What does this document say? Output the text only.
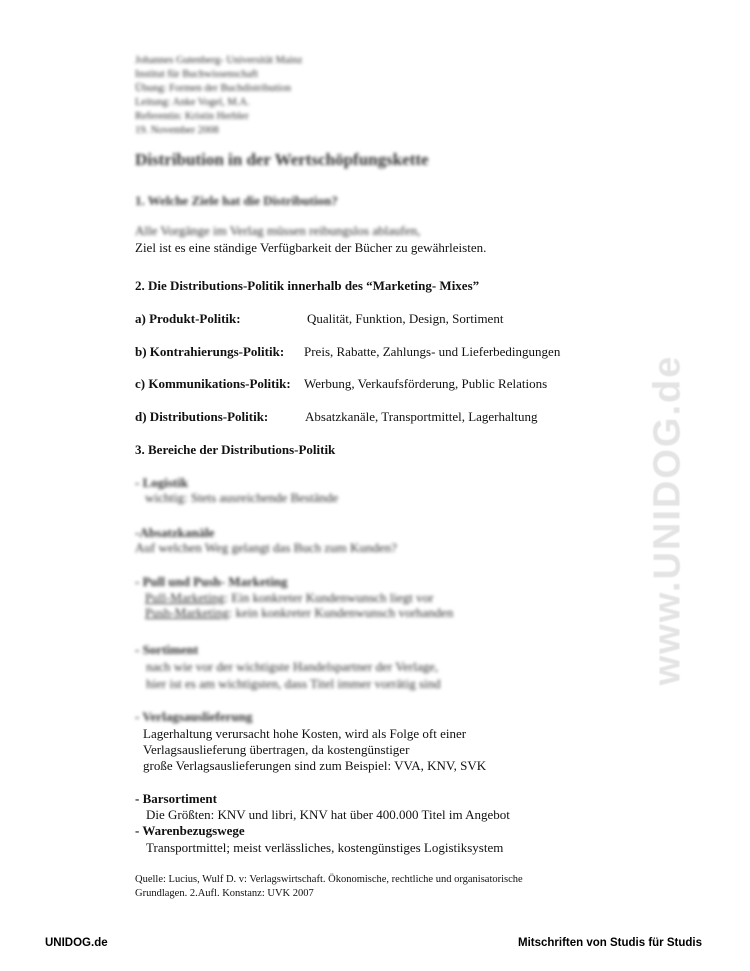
www.UNIDOG.de
Johannes Gutenberg- Universität Mainz
Institut für Buchwissenschaft
Übung: Formen der Buchdistribution
Leitung: Anke Vogel, M.A.
Referentin: Kristin Herbler
19. November 2008
Distribution in der Wertschöpfungskette
1. Welche Ziele hat die Distribution?
Alle Vorgänge im Verlag müssen reibungslos ablaufen,
Ziel ist es eine ständige Verfügbarkeit der Bücher zu gewährleisten.
2. Die Distributions-Politik innerhalb des “Marketing- Mixes”
a) Produkt-Politik:	Qualität, Funktion, Design, Sortiment
b) Kontrahierungs-Politik: Preis, Rabatte, Zahlungs- und Lieferbedingungen
c) Kommunikations-Politik: Werbung, Verkaufsförderung, Public Relations
d) Distributions-Politik:	Absatzkanäle, Transportmittel, Lagerhaltung
3. Bereiche der Distributions-Politik
- Logistik
wichtig: Stets ausreichende Bestände
-Absatzkanäle
Auf welchen Weg gelangt das Buch zum Kunden?
- Pull und Push- Marketing
Pull-Marketing: Ein konkreter Kundenwunsch liegt vor
Push-Marketing: kein konkreter Kundenwunsch vorhanden
- Sortiment
nach wie vor der wichtigste Handelspartner der Verlage,
hier ist es am wichtigsten, dass Titel immer vorrätig sind
- Verlagsauslieferung
Lagerhaltung verursacht hohe Kosten, wird als Folge oft einer
Verlagsauslieferung übertragen, da kostengünstiger
große Verlagsauslieferungen sind zum Beispiel: VVA, KNV, SVK
- Barsortiment
Die Größten: KNV und libri, KNV hat über 400.000 Titel im Angebot
- Warenbezugswege
Transportmittel; meist verlässliches, kostengünstiges Logistiksystem
Quelle: Lucius, Wulf D. v: Verlagswirtschaft. Ökonomische, rechtliche und organisatorische
Grundlagen. 2.Aufl. Konstanz: UVK 2007
UNIDOG.de	Mitschriften von Studis für Studis
